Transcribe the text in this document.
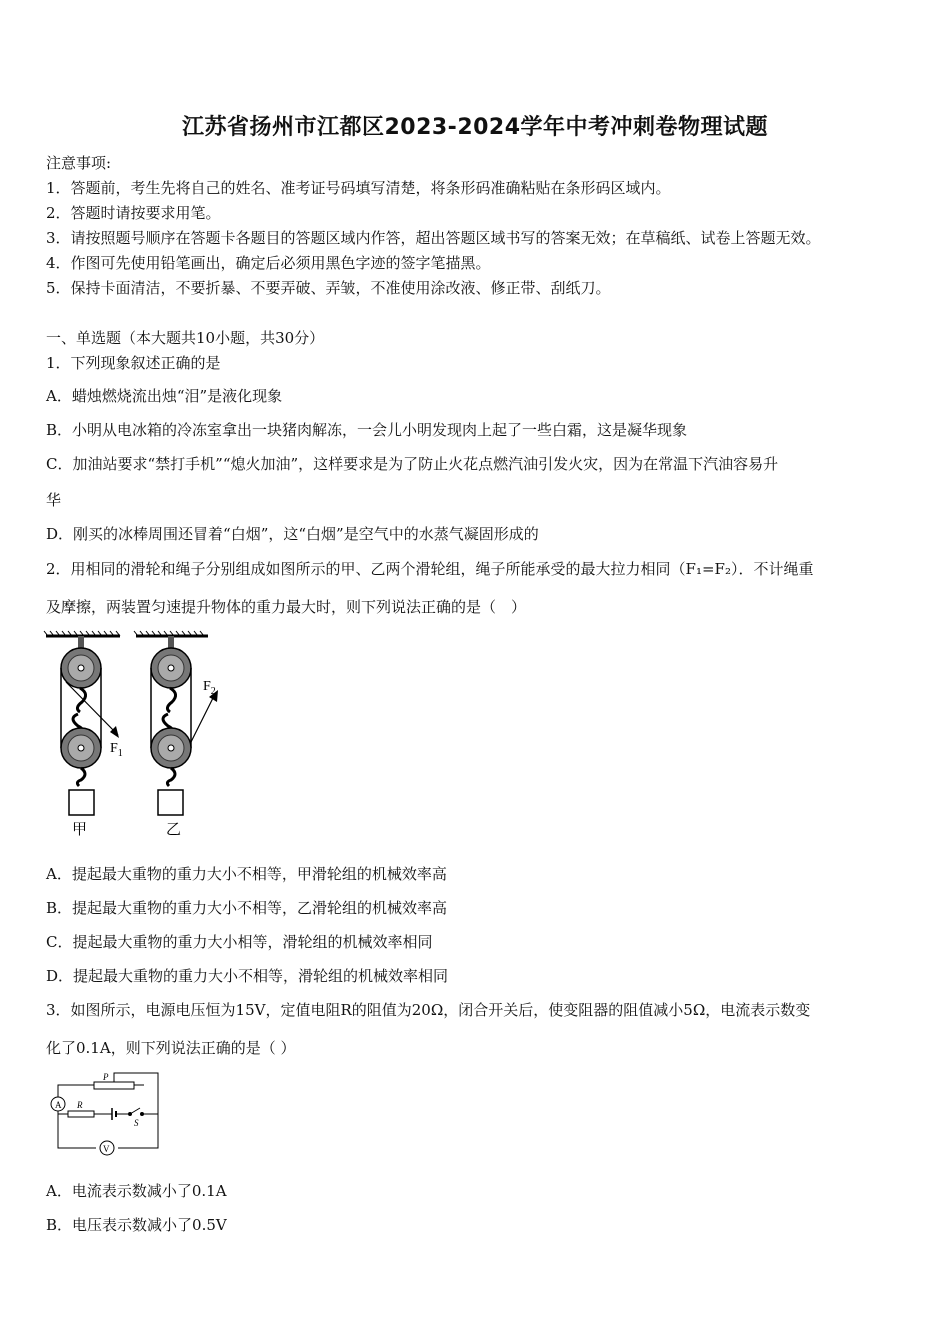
江苏省扬州市江都区2023-2024学年中考冲刺卷物理试题
注意事项:
1．答题前，考生先将自己的姓名、准考证号码填写清楚，将条形码准确粘贴在条形码区域内。
2．答题时请按要求用笔。
3．请按照题号顺序在答题卡各题目的答题区域内作答，超出答题区域书写的答案无效；在草稿纸、试卷上答题无效。
4．作图可先使用铅笔画出，确定后必须用黑色字迹的签字笔描黑。
5．保持卡面清洁，不要折暴、不要弄破、弄皱，不准使用涂改液、修正带、刮纸刀。
一、单选题（本大题共10小题，共30分）
1．下列现象叙述正确的是
A．蜡烛燃烧流出烛“泪”是液化现象
B．小明从电冰箱的冷冻室拿出一块猪肉解冻，一会儿小明发现肉上起了一些白霜，这是凝华现象
C．加油站要求“禁打手机”“熄火加油”，这样要求是为了防止火花点燃汽油引发火灾，因为在常温下汽油容易升
华
D．刚买的冰棒周围还冒着“白烟”，这“白烟”是空气中的水蒸气凝固形成的
2．用相同的滑轮和绳子分别组成如图所示的甲、乙两个滑轮组，绳子所能承受的最大拉力相同（F₁=F₂）．不计绳重
及摩擦，两装置匀速提升物体的重力最大时，则下列说法正确的是（　）
$F_1$
甲
$F_2$
乙
A．提起最大重物的重力大小不相等，甲滑轮组的机械效率高
B．提起最大重物的重力大小不相等，乙滑轮组的机械效率高
C．提起最大重物的重力大小相等，滑轮组的机械效率相同
D．提起最大重物的重力大小不相等，滑轮组的机械效率相同
3．如图所示，电源电压恒为15V，定值电阻R的阻值为20Ω，闭合开关后，使变阻器的阻值减小5Ω，电流表示数变
化了0.1A，则下列说法正确的是（ ）
A
V
P
R
S
A．电流表示数减小了0.1A
B．电压表示数减小了0.5V
